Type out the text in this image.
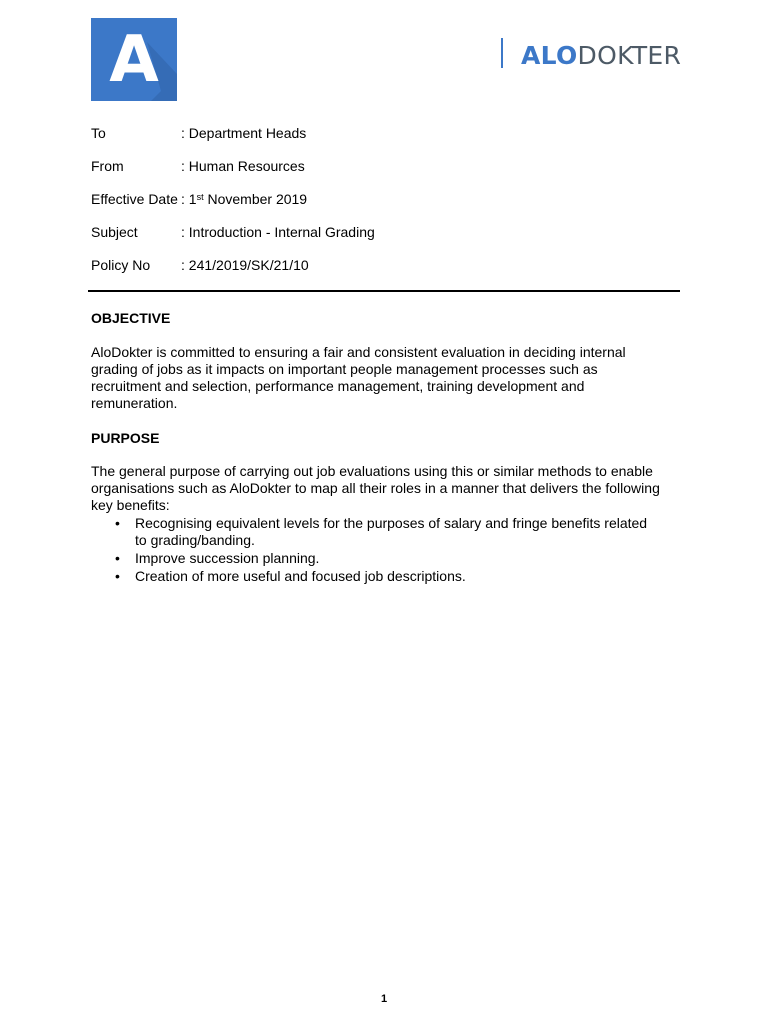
A	ALODOKTER
To	: Department Heads
From	: Human Resources
Effective Date : 1st November 2019
Subject	: Introduction - Internal Grading
Policy No : 241/2019/SK/21/10
OBJECTIVE
AloDokter is committed to ensuring a fair and consistent evaluation in deciding internal
grading of jobs as it impacts on important people management processes such as
recruitment and selection, performance management, training development and
remuneration.
PURPOSE
The general purpose of carrying out job evaluations using this or similar methods to enable
organisations such as AloDokter to map all their roles in a manner that delivers the following
key benefits:
• Recognising equivalent levels for the purposes of salary and fringe benefits related
to grading/banding.
• Improve succession planning.
• Creation of more useful and focused job descriptions.
1
